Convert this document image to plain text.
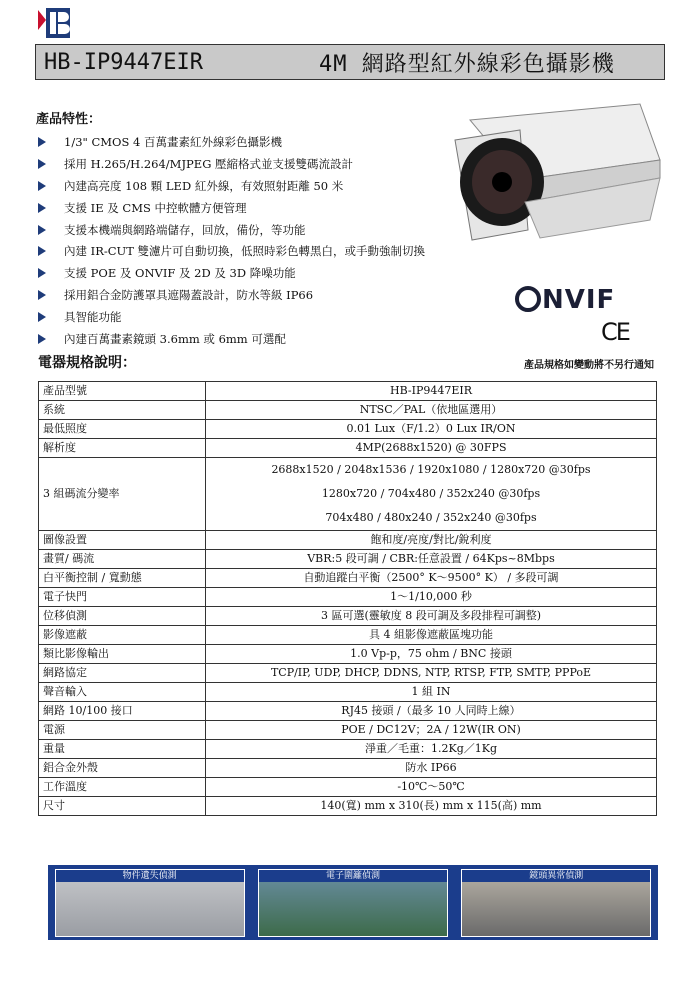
HB-IP9447EIR	4M 網路型紅外線彩色攝影機
產品特性：
1/3" CMOS 4 百萬畫素紅外線彩色攝影機
採用 H.265/H.264/MJPEG 壓縮格式並支援雙碼流設計
內建高亮度 108 顆 LED 紅外線，有效照射距離 50 米
支援 IE 及 CMS 中控軟體方便管理
支援本機端與網路端儲存，回放，備份，等功能
內建 IR-CUT 雙濾片可自動切換，低照時彩色轉黑白，或手動強制切換
支援 POE 及 ONVIF 及 2D 及 3D 降噪功能
採用鋁合金防護罩具遮陽蓋設計，防水等級 IP66
具智能功能
內建百萬畫素鏡頭 3.6mm 或 6mm 可選配
NVIF
CE
電器規格說明：	產品規格如變動將不另行通知
產品型號	HB-IP9447EIR
系統	NTSC／PAL（依地區選用）
最低照度	0.01 Lux（F/1.2）0 Lux IR/ON
解析度	4MP(2688x1520) @ 30FPS
3 組碼流分變率	2688x1520 / 2048x1536 / 1920x1080 / 1280x720 @30fps
1280x720 / 704x480 / 352x240 @30fps
704x480 / 480x240 / 352x240 @30fps

圖像設置	飽和度/亮度/對比/銳利度
畫質/ 碼流	VBR:5 段可調 / CBR:任意設置 / 64Kps~8Mbps
白平衡控制 / 寬動態	自動追蹤白平衡（2500° K～9500° K） / 多段可調
電子快門	1～1/10,000 秒
位移偵測	3 區可選(靈敏度 8 段可調及多段排程可調整)
影像遮蔽	具 4 組影像遮蔽區塊功能
類比影像輸出	1.0 Vp-p，75 ohm / BNC 接頭
網路協定	TCP/IP, UDP, DHCP, DDNS, NTP, RTSP, FTP, SMTP, PPPoE
聲音輸入	1 組 IN
網路 10/100 接口	RJ45 接頭 /（最多 10 人同時上線）
電源	POE / DC12V；2A / 12W(IR ON)
重量	淨重／毛重：1.2Kg／1Kg
鋁合金外殼	防水 IP66
工作溫度	-10℃～50℃
尺寸	140(寬) mm x 310(長) mm x 115(高) mm
物件遺失偵測	電子圍籬偵測	鏡頭異常偵測
